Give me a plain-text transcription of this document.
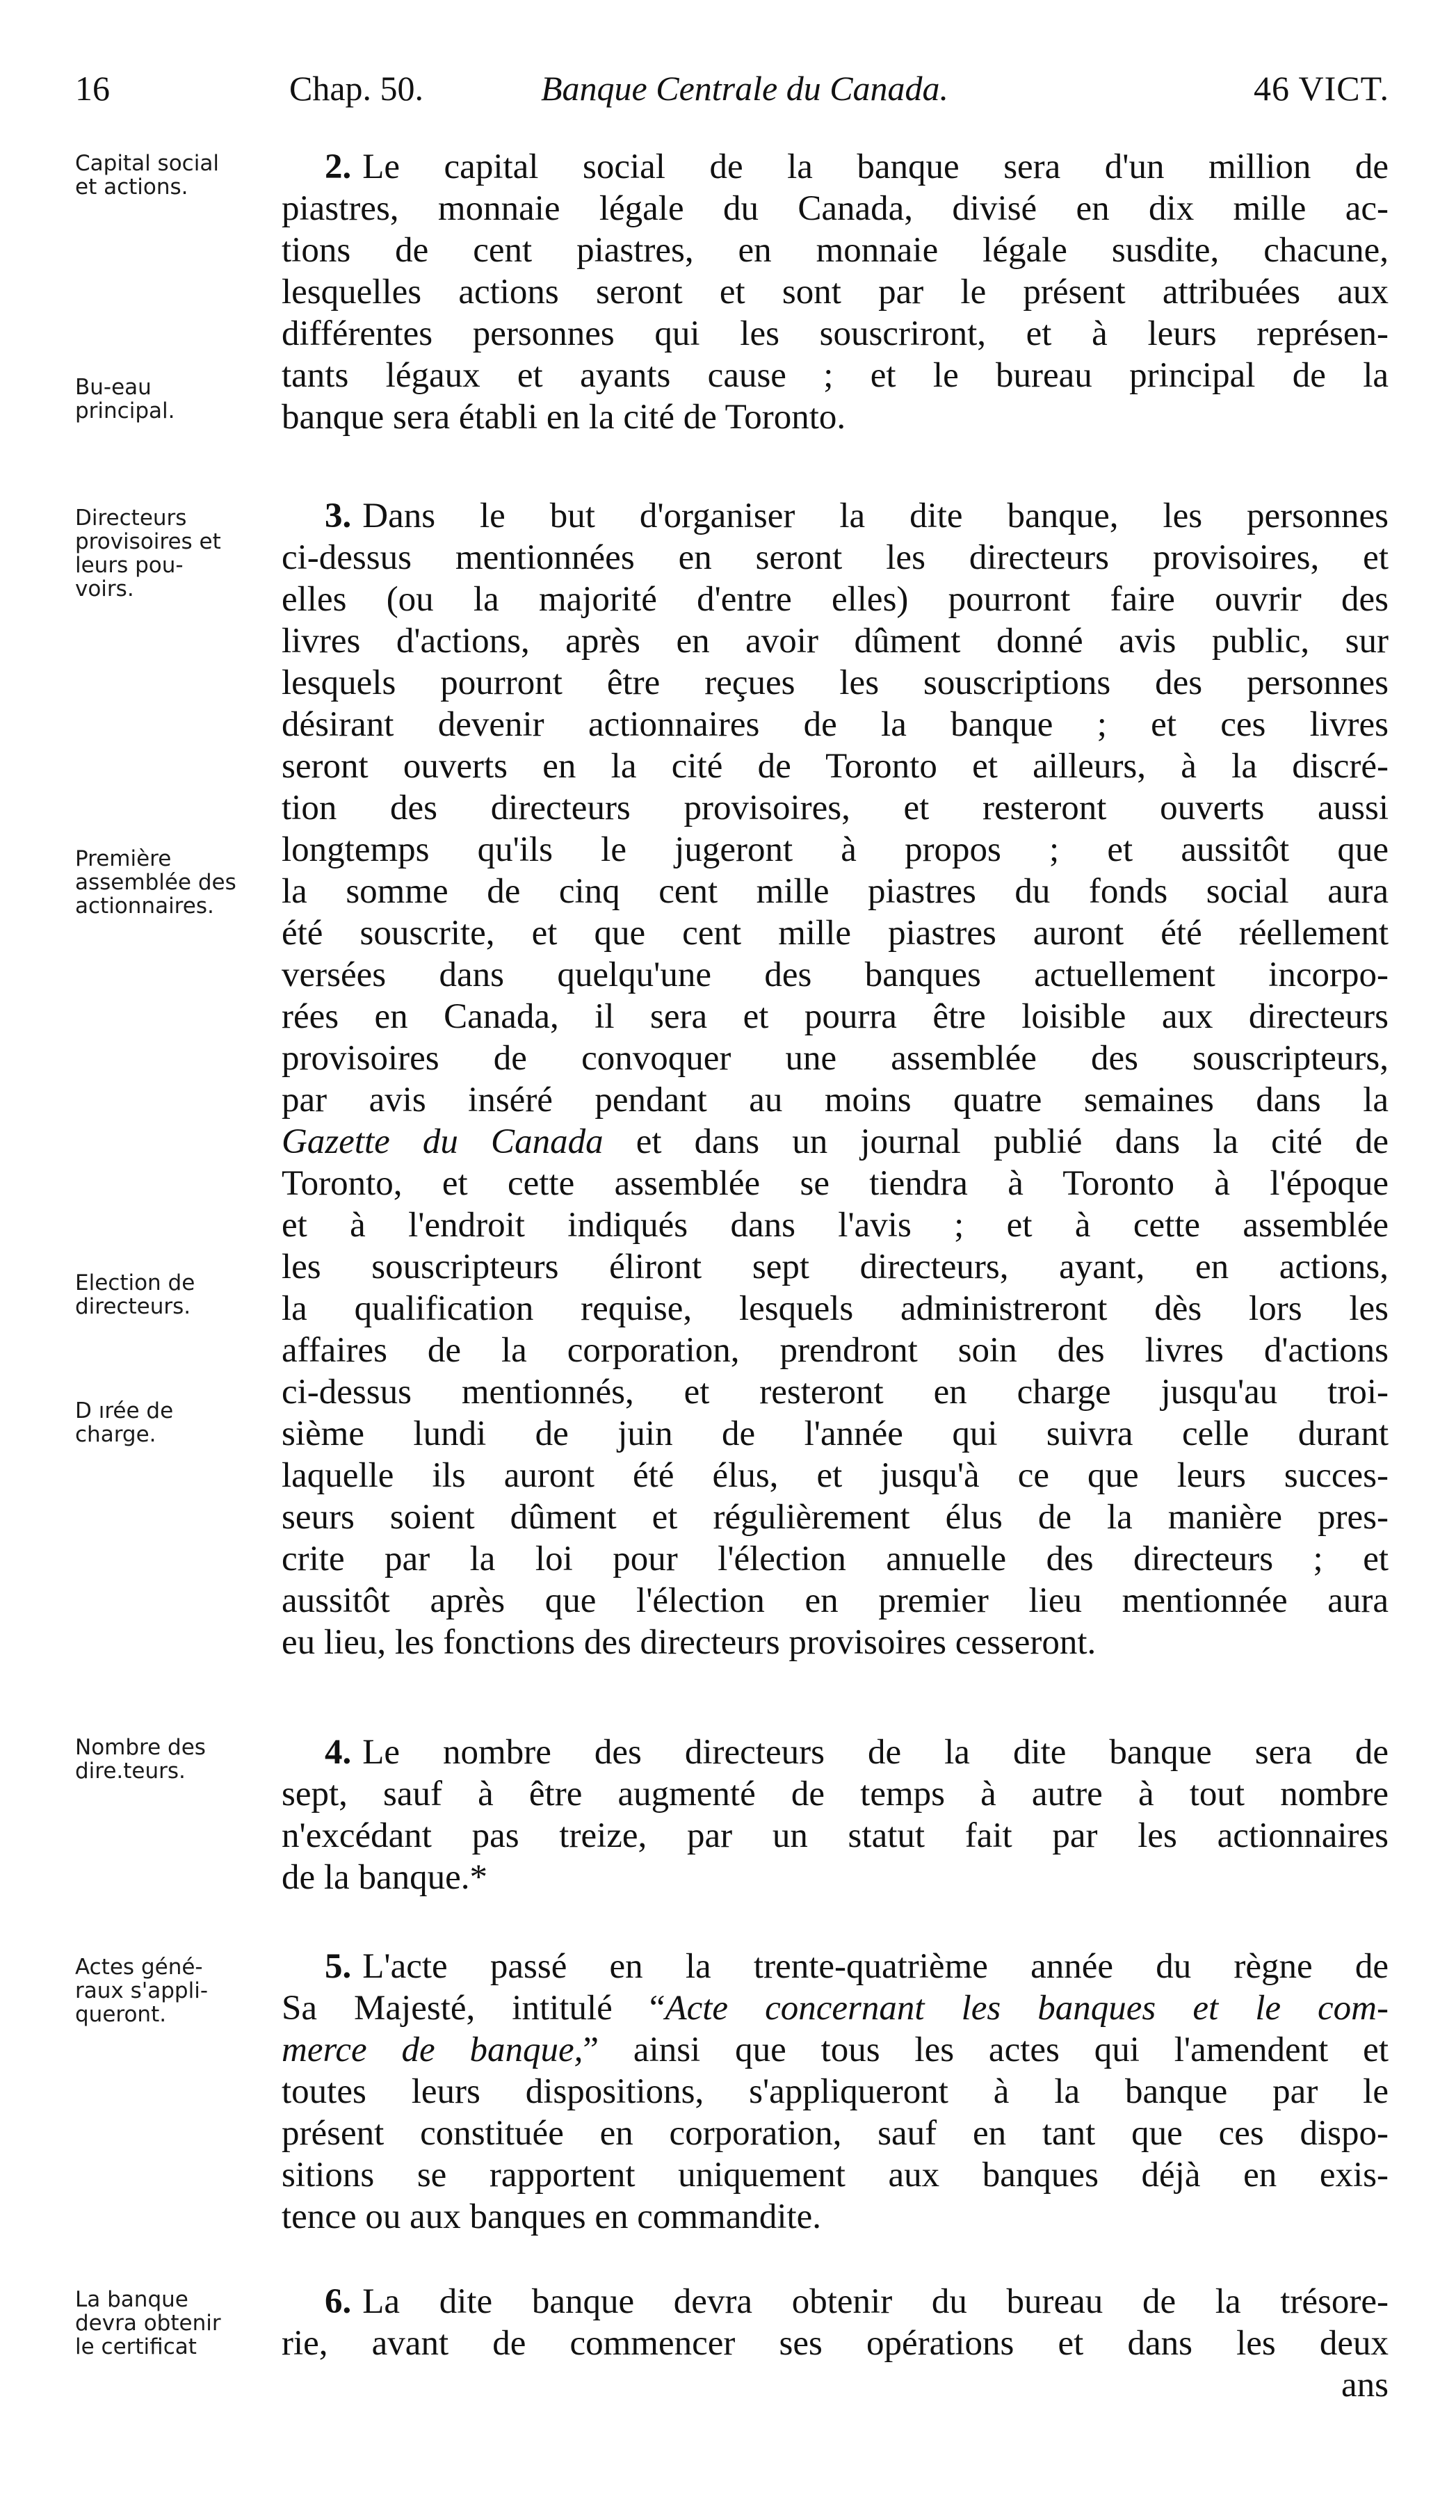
16	Chap. 50.	Banque Centrale du Canada.	46 VICT.
Capital social
et actions.
Bu-eau
principal.
Directeurs
provisoires et
leurs pou-
voirs.
Première
assemblée des
actionnaires.
Election de
directeurs.
D ırée de
charge.
Nombre des
dire.teurs.
Actes géné-
raux s'appli-
queront.
La banque
devra obtenir
le certificat
2. Le capital social de la banque sera d'un million de
piastres, monnaie légale du Canada, divisé en dix mille ac-
tions de cent piastres, en monnaie légale susdite, chacune,
lesquelles actions seront et sont par le présent attribuées aux
différentes personnes qui les souscriront, et à leurs représen-
tants légaux et ayants cause ; et le bureau principal de la
banque sera établi en la cité de Toronto.
3. Dans le but d'organiser la dite banque, les personnes
ci-dessus mentionnées en seront les directeurs provisoires, et
elles (ou la majorité d'entre elles) pourront faire ouvrir des
livres d'actions, après en avoir dûment donné avis public, sur
lesquels pourront être reçues les souscriptions des personnes
désirant devenir actionnaires de la banque ; et ces livres
seront ouverts en la cité de Toronto et ailleurs, à la discré-
tion des directeurs provisoires, et resteront ouverts aussi
longtemps qu'ils le jugeront à propos ; et aussitôt que
la somme de cinq cent mille piastres du fonds social aura
été souscrite, et que cent mille piastres auront été réellement
versées dans quelqu'une des banques actuellement incorpo-
rées en Canada, il sera et pourra être loisible aux directeurs
provisoires de convoquer une assemblée des souscripteurs,
par avis inséré pendant au moins quatre semaines dans la
Gazette du Canada et dans un journal publié dans la cité de
Toronto, et cette assemblée se tiendra à Toronto à l'époque
et à l'endroit indiqués dans l'avis ; et à cette assemblée
les souscripteurs éliront sept directeurs, ayant, en actions,
la qualification requise, lesquels administreront dès lors les
affaires de la corporation, prendront soin des livres d'actions
ci-dessus mentionnés, et resteront en charge jusqu'au troi-
sième lundi de juin de l'année qui suivra celle durant
laquelle ils auront été élus, et jusqu'à ce que leurs succes-
seurs soient dûment et régulièrement élus de la manière pres-
crite par la loi pour l'élection annuelle des directeurs ; et
aussitôt après que l'élection en premier lieu mentionnée aura
eu lieu, les fonctions des directeurs provisoires cesseront.
4. Le nombre des directeurs de la dite banque sera de
sept, sauf à être augmenté de temps à autre à tout nombre
n'excédant pas treize, par un statut fait par les actionnaires
de la banque.*
5. L'acte passé en la trente-quatrième année du règne de
Sa Majesté, intitulé “Acte concernant les banques et le com-
merce de banque,” ainsi que tous les actes qui l'amendent et
toutes leurs dispositions, s'appliqueront à la banque par le
présent constituée en corporation, sauf en tant que ces dispo-
sitions se rapportent uniquement aux banques déjà en exis-
tence ou aux banques en commandite.
6. La dite banque devra obtenir du bureau de la trésore-
rie, avant de commencer ses opérations et dans les deux
ans
